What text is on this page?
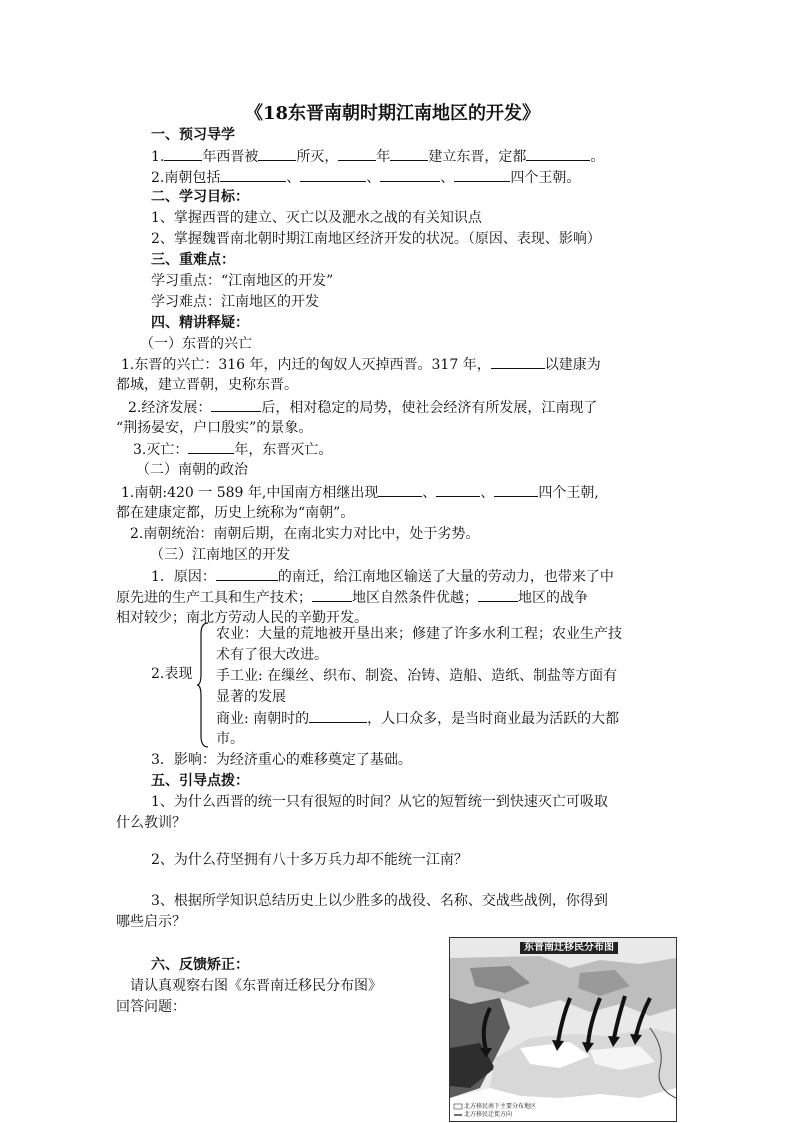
《18东晋南朝时期江南地区的开发》
一、预习导学
1.	年西晋被	所灭，	年	建立东晋，定都	。
2.南朝包括	、	、	、	四个王朝。
二、学习目标：
1、掌握西晋的建立、灭亡以及淝水之战的有关知识点
2、掌握魏晋南北朝时期江南地区经济开发的状况。（原因、表现、影响）
三、重难点：
学习重点：“江南地区的开发”
学习难点：江南地区的开发
四、精讲释疑：
（一）东晋的兴亡
1.东晋的兴亡：316 年，内迁的匈奴人灭掉西晋。317 年，	以建康为
都城，建立晋朝，史称东晋。
2.经济发展：	后，相对稳定的局势，使社会经济有所发展，江南现了
“荆扬晏安，户口殷实”的景象。
3.灭亡：	年，东晋灭亡。
（二）南朝的政治
1.南朝:420 一 589 年,中国南方相继出现	、	、	四个王朝,
都在建康定都，历史上统称为“南朝”。
2.南朝统治：南朝后期，在南北实力对比中，处于劣势。
（三）江南地区的开发
1．原因：	的南迁，给江南地区输送了大量的劳动力，也带来了中
原先进的生产工具和生产技术；	地区自然条件优越；	地区的战争
相对较少；南北方劳动人民的辛勤开发。
2.表现
农业：大量的荒地被开垦出来；修建了许多水利工程；农业生产技
术有了很大改进。
手工业: 在缫丝、织布、制瓷、冶铸、造船、造纸、制盐等方面有
显著的发展
商业: 南朝时的	，人口众多，是当时商业最为活跃的大都
市。
3．影响：为经济重心的难移奠定了基础。
五、引导点拨：
1、为什么西晋的统一只有很短的时间？从它的短暂统一到快速灭亡可吸取
什么教训？
2、为什么苻坚拥有八十多万兵力却不能统一江南？
3、根据所学知识总结历史上以少胜多的战役、名称、交战些战例，你得到
哪些启示？
六、反馈矫正：
请认真观察右图《东晋南迁移民分布图》
回答问题：
东晋南迁移民分布图
北方移民南下主要分布地区
北方移民迁徙方向
